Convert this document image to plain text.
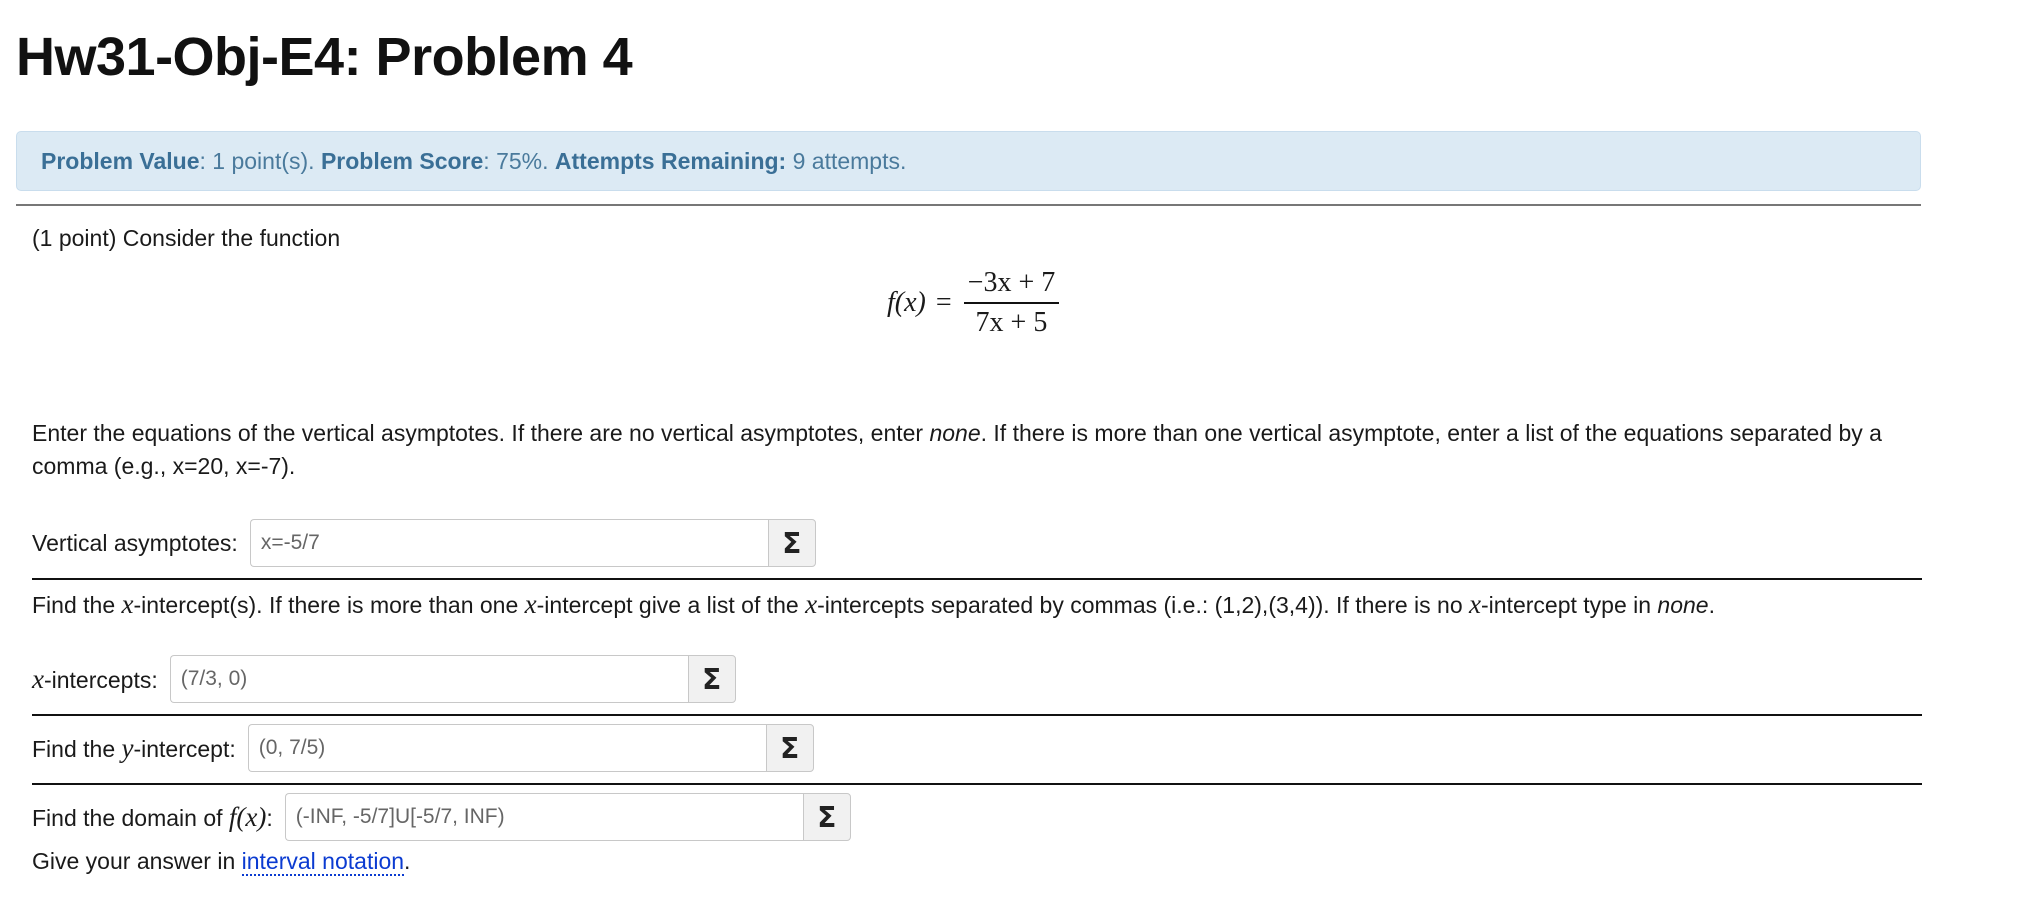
Hw31-Obj-E4: Problem 4
Problem Value: 1 point(s). Problem Score: 75%. Attempts Remaining: 9 attempts.
(1 point) Consider the function
$f(x) = \frac{-3x + 7}{7x + 5}$
Enter the equations of the vertical asymptotes. If there are no vertical asymptotes, enter none. If there is more than one vertical asymptote, enter a list of the equations separated by a
comma (e.g., x=20, x=-7).
Vertical asymptotes:
x=-5/7	Σ
Find the x-intercept(s). If there is more than one x-intercept give a list of the x-intercepts separated by commas (i.e.: (1,2),(3,4)). If there is no x-intercept type in none.
x-intercepts:
(7/3, 0)	Σ
Find the y-intercept:
(0, 7/5)	Σ
Find the domain of f(x):
(-INF, -5/7]U[-5/7, INF)	Σ
Give your answer in interval notation.
